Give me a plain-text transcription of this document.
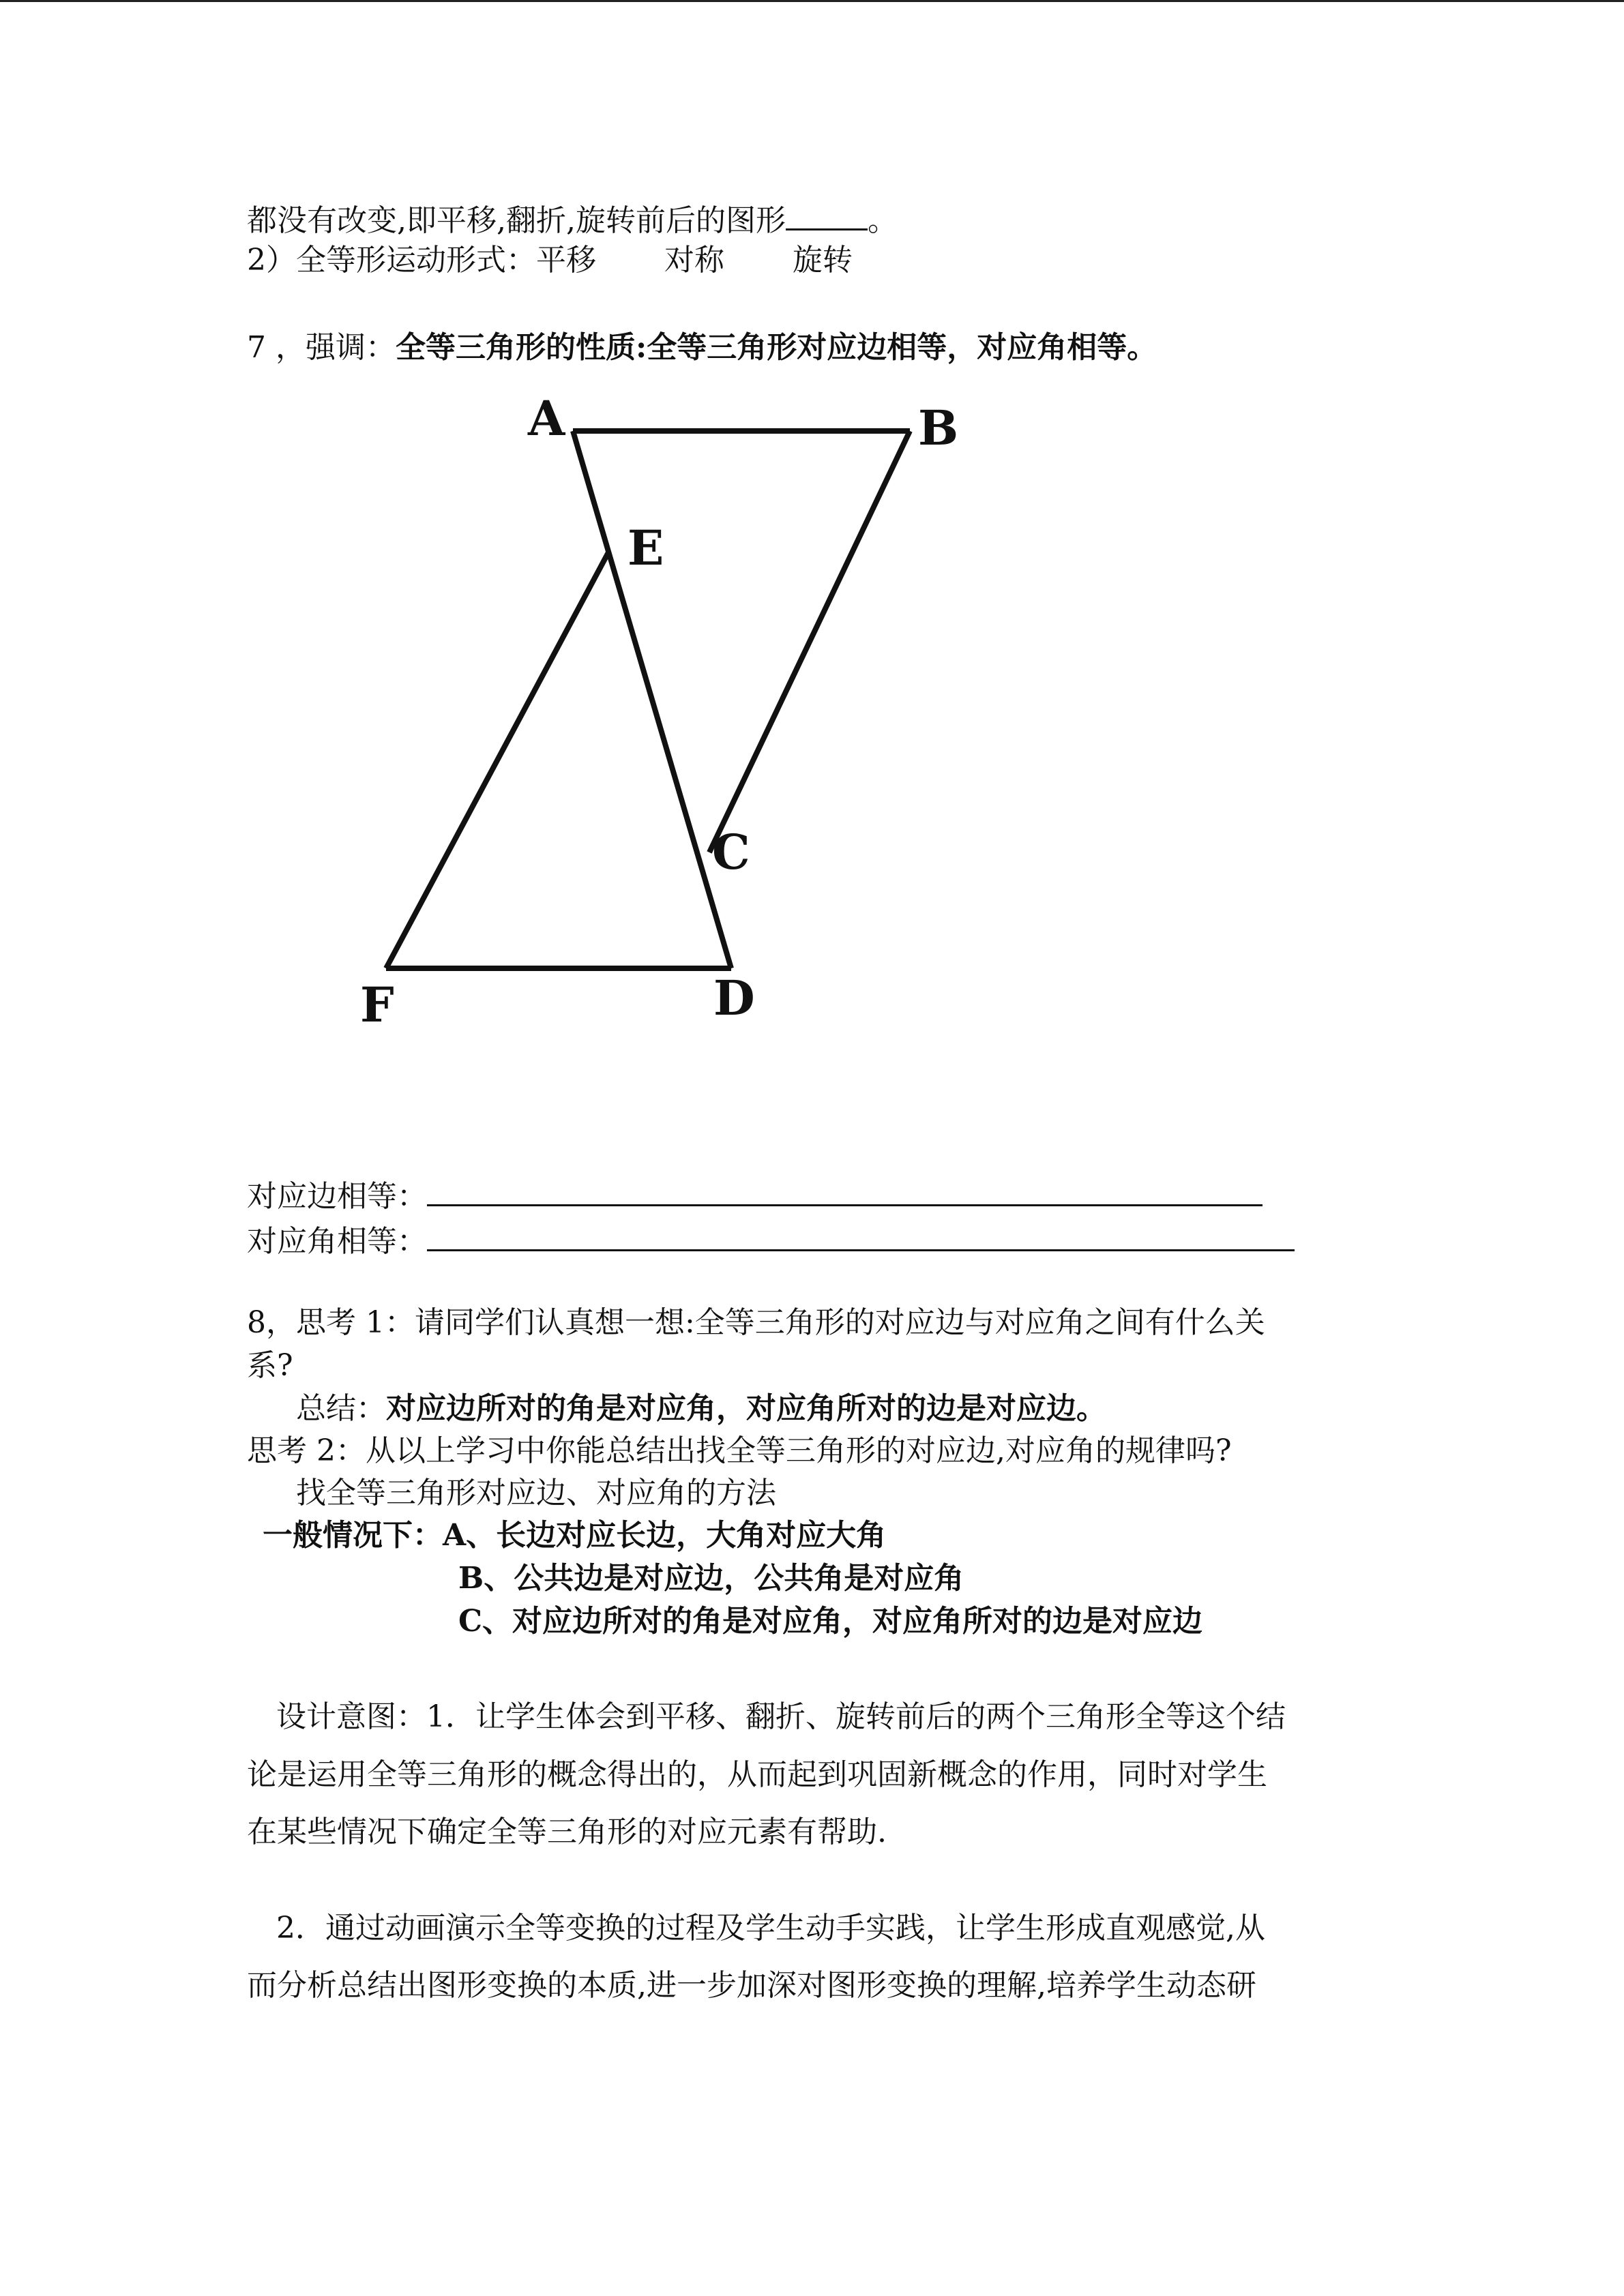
都没有改变,即平移,翻折,旋转前后的图形	。
2）全等形运动形式：平移 对称 旋转
7 ，强调：全等三角形的性质:全等三角形对应边相等，对应角相等。
A	B
E
C
F	D
对应边相等：
对应角相等：
8，思考 1：请同学们认真想一想:全等三角形的对应边与对应角之间有什么关
系?
总结：对应边所对的角是对应角，对应角所对的边是对应边。
思考 2：从以上学习中你能总结出找全等三角形的对应边,对应角的规律吗?
找全等三角形对应边、对应角的方法
一般情况下：A、长边对应长边，大角对应大角
B、公共边是对应边，公共角是对应角
C、对应边所对的角是对应角，对应角所对的边是对应边
设计意图：1．让学生体会到平移、翻折、旋转前后的两个三角形全等这个结
论是运用全等三角形的概念得出的，从而起到巩固新概念的作用，同时对学生
在某些情况下确定全等三角形的对应元素有帮助.
2．通过动画演示全等变换的过程及学生动手实践，让学生形成直观感觉,从
而分析总结出图形变换的本质,进一步加深对图形变换的理解,培养学生动态研
